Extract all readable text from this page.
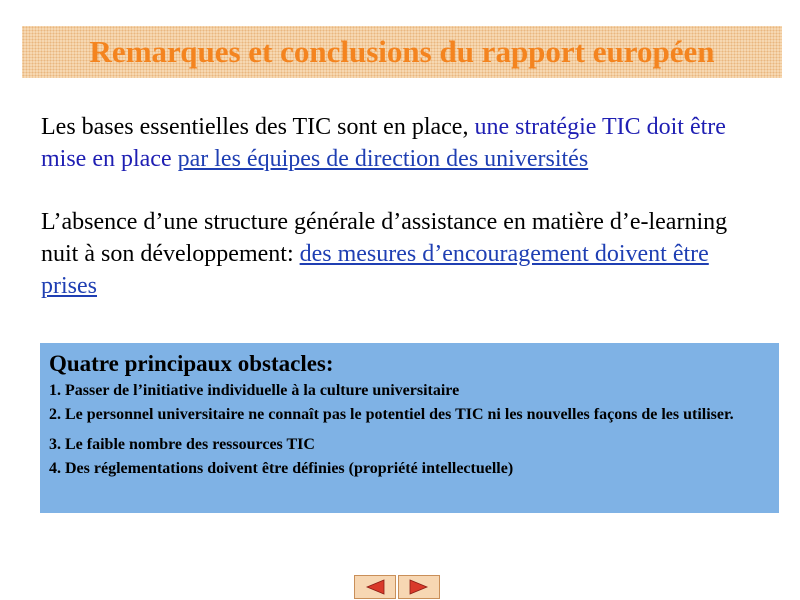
Remarques et conclusions du rapport européen
Les bases essentielles des TIC sont en place, une stratégie TIC doit être mise en place par les équipes de direction des universités
L’absence d’une structure générale d’assistance en matière d’e-learning nuit à son développement: des mesures d’encouragement doivent être prises
Quatre principaux obstacles:
1. Passer de l’initiative individuelle à la culture universitaire
2. Le personnel universitaire ne connaît pas le potentiel des TIC ni les nouvelles façons de les utiliser.
3. Le faible nombre des ressources TIC
4. Des réglementations doivent être définies (propriété intellectuelle)
